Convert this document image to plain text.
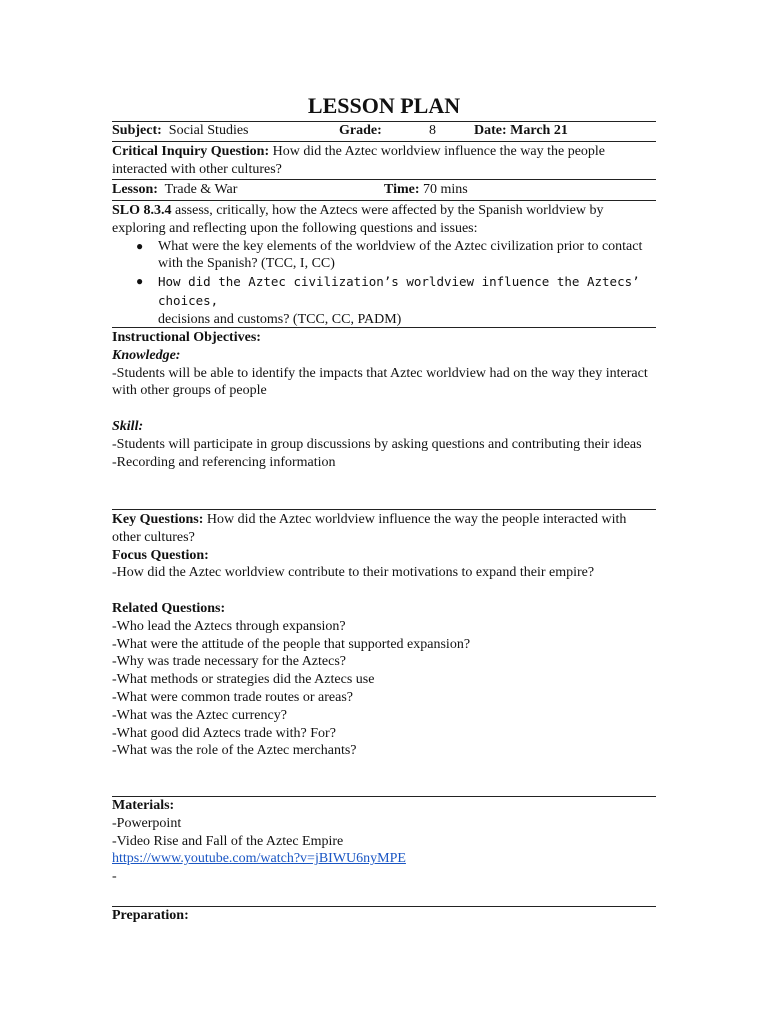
LESSON PLAN
Subject: Social Studies	Grade:	8	Date: March 21
Critical Inquiry Question: How did the Aztec worldview influence the way the people interacted with other cultures?
Lesson: Trade & War	Time: 70 mins

SLO 8.3.4 assess, critically, how the Aztecs were affected by the Spanish worldview by exploring and reflecting upon the following questions and issues:

● What were the key elements of the worldview of the Aztec civilization prior to contact with the Spanish? (TCC, I, CC)
● How did the Aztec civilization’s worldview influence the Aztecs’ choices,
decisions and customs? (TCC, CC, PADM)

Instructional Objectives:

Knowledge:

-Students will be able to identify the impacts that Aztec worldview had on the way they interact with other groups of people

Skill:

-Students will participate in group discussions by asking questions and contributing their ideas

-Recording and referencing information

Key Questions: How did the Aztec worldview influence the way the people interacted with other cultures?

Focus Question:

-How did the Aztec worldview contribute to their motivations to expand their empire?

Related Questions:

-Who lead the Aztecs through expansion?

-What were the attitude of the people that supported expansion?

-Why was trade necessary for the Aztecs?

-What methods or strategies did the Aztecs use

-What were common trade routes or areas?

-What was the Aztec currency?

-What good did Aztecs trade with? For?

-What was the role of the Aztec merchants?

Materials:

-Powerpoint

-Video Rise and Fall of the Aztec Empire

https://www.youtube.com/watch?v=jBIWU6nyMPE

-

Preparation:
